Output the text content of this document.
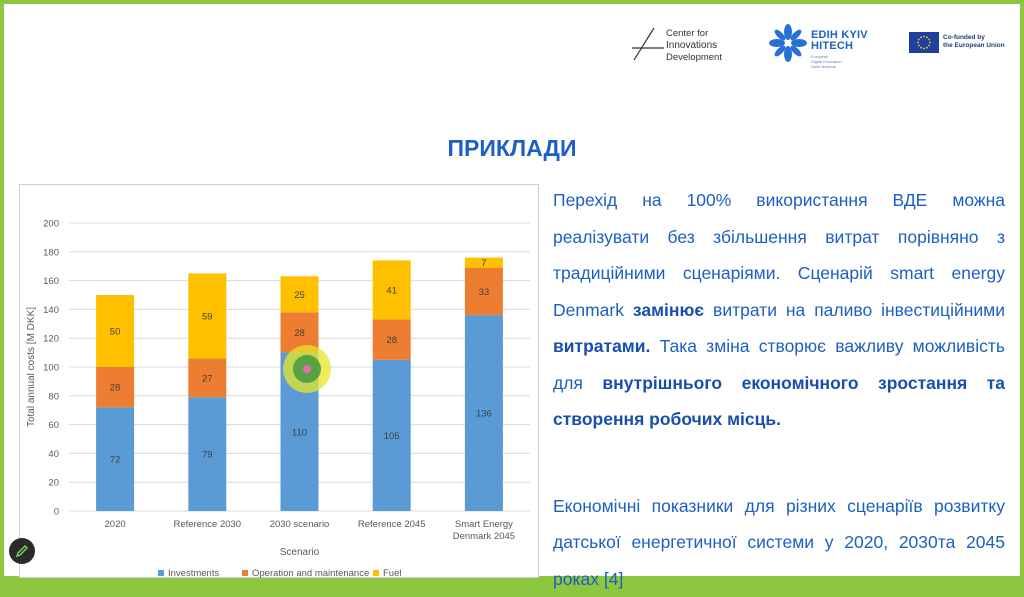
Center for
Innovations
Development
EDIH KYIV
HITECH
European
Digital Innovation
Hubs Network
Co-funded by
the European Union
ПРИКЛАДИ
0
20
40
60
80
100
120
140
160
180
200
Total annual costs [M DKK]
72
28
50
2020
79
27
59
Reference 2030
110
28
25
2030 scenario
105
28
41
Reference 2045
136
33
7
Smart Energy
Denmark 2045
Scenario
Investments	Operation and maintenance Fuel

Перехід на 100% використання ВДЕ можна реалізувати без збільшення витрат порівняно з традиційними сценаріями. Сценарій smart energy Denmark замінює витрати на паливо інвестиційними витратами. Така зміна створює важливу можливість для внутрішнього економічного зростання та створення робочих місць.

Економічні показники для різних сценаріїв розвитку датської енергетичної системи у 2020, 2030та 2045 роках [4]
